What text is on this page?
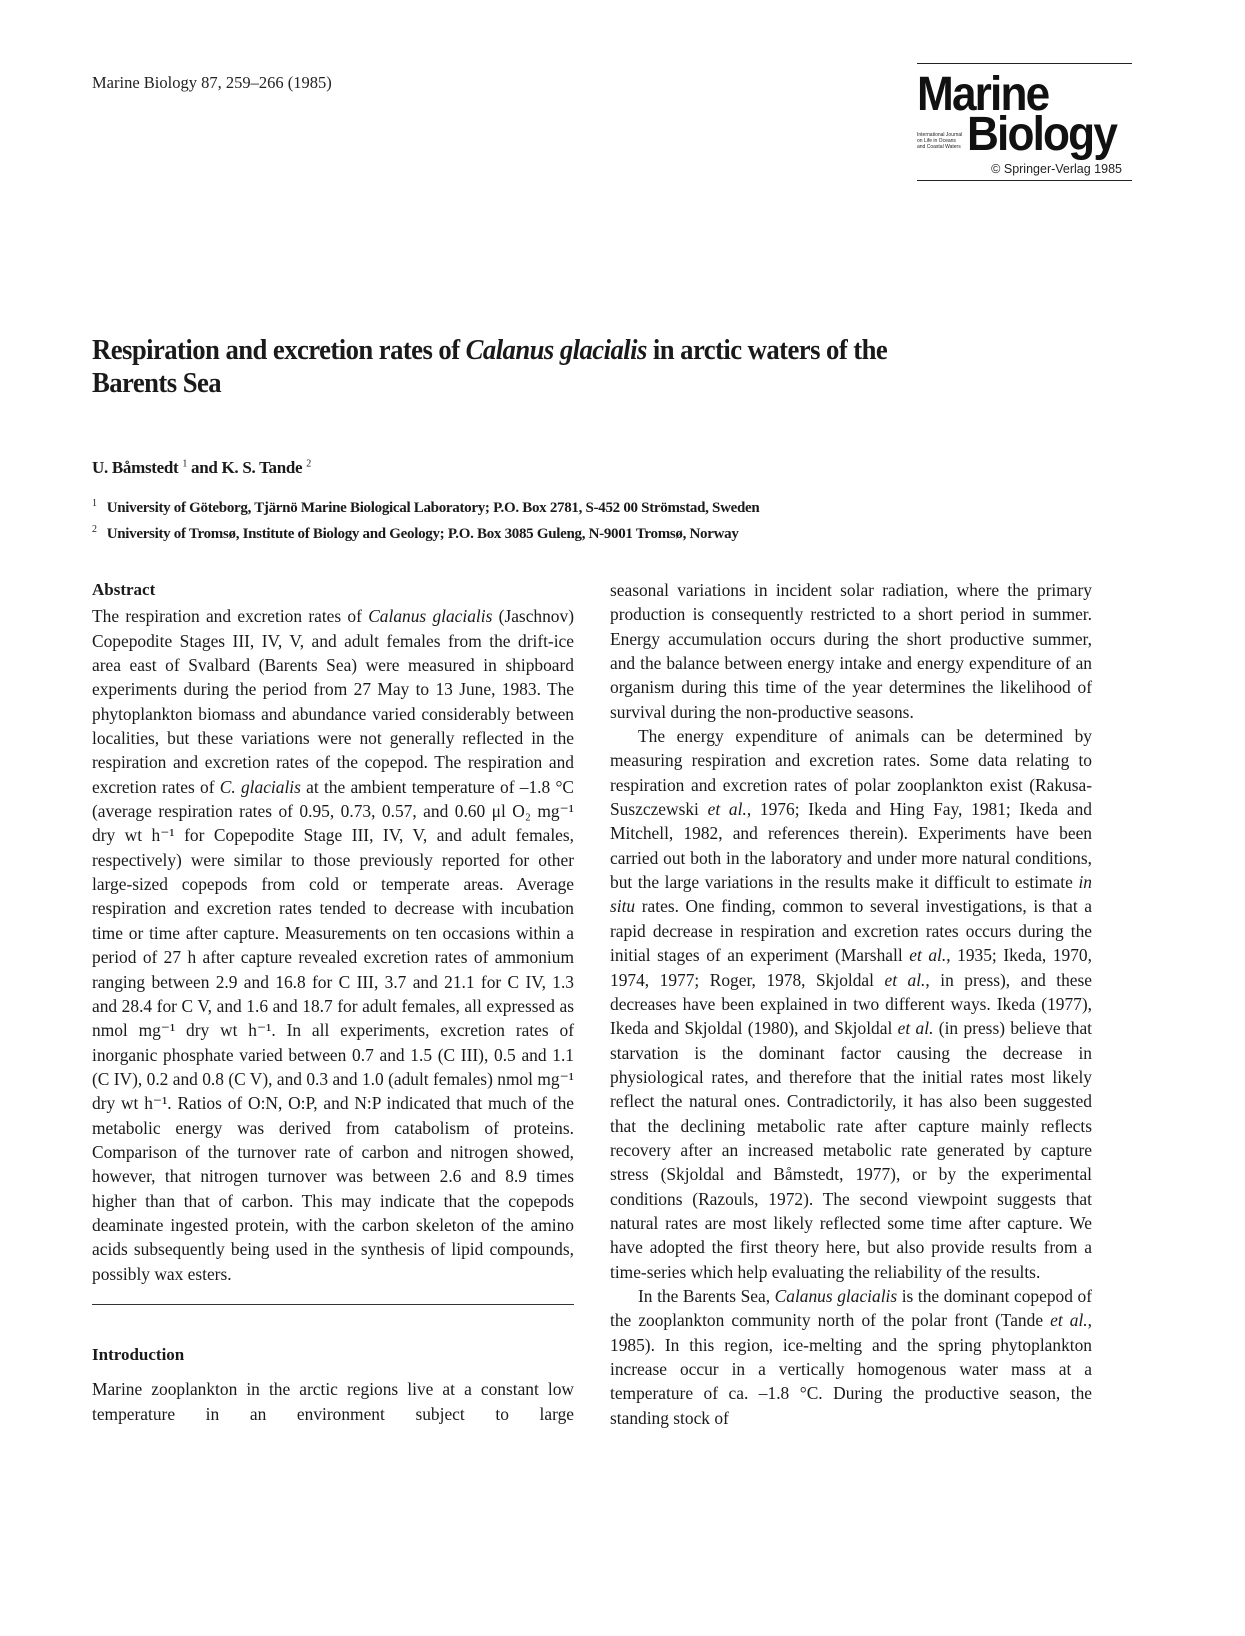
Marine Biology 87, 259–266 (1985)	Marine
International Journal
on Life in Oceans
and Coastal Waters Biology
© Springer-Verlag 1985
Respiration and excretion rates of Calanus glacialis in arctic waters of the Barents Sea
U. Båmstedt $^1$ and K. S. Tande $^2$
$^1$ University of Göteborg, Tjärnö Marine Biological Laboratory; P.O. Box 2781, S-452 00 Strömstad, Sweden
$^2$ University of Tromsø, Institute of Biology and Geology; P.O. Box 3085 Guleng, N-9001 Tromsø, Norway
Abstract

The respiration and excretion rates of Calanus glacialis (Jaschnov) Copepodite Stages III, IV, V, and adult females from the drift-ice area east of Svalbard (Barents Sea) were measured in shipboard experiments during the period from 27 May to 13 June, 1983. The phytoplankton biomass and abundance varied considerably between localities, but these variations were not generally reflected in the respiration and excretion rates of the copepod. The respiration and excretion rates of C. glacialis at the ambient temperature of –1.8 °C (average respiration rates of 0.95, 0.73, 0.57, and 0.60 μl O₂ mg⁻¹ dry wt h⁻¹ for Copepodite Stage III, IV, V, and adult females, respectively) were similar to those previously reported for other large-sized copepods from cold or temperate areas. Average respiration and excretion rates tended to decrease with incubation time or time after capture. Measurements on ten occasions within a period of 27 h after capture revealed excretion rates of ammonium ranging between 2.9 and 16.8 for C III, 3.7 and 21.1 for C IV, 1.3 and 28.4 for C V, and 1.6 and 18.7 for adult females, all expressed as nmol mg⁻¹ dry wt h⁻¹. In all experiments, excretion rates of inorganic phosphate varied between 0.7 and 1.5 (C III), 0.5 and 1.1 (C IV), 0.2 and 0.8 (C V), and 0.3 and 1.0 (adult females) nmol mg⁻¹ dry wt h⁻¹. Ratios of O:N, O:P, and N:P indicated that much of the metabolic energy was derived from catabolism of proteins. Comparison of the turnover rate of carbon and nitrogen showed, however, that nitrogen turnover was between 2.6 and 8.9 times higher than that of carbon. This may indicate that the copepods deaminate ingested protein, with the carbon skeleton of the amino acids subsequently being used in the synthesis of lipid compounds, possibly wax esters.

Introduction

Marine zooplankton in the arctic regions live at a constant low temperature in an environment subject to large

seasonal variations in incident solar radiation, where the primary production is consequently restricted to a short period in summer. Energy accumulation occurs during the short productive summer, and the balance between energy intake and energy expenditure of an organism during this time of the year determines the likelihood of survival during the non-productive seasons.

The energy expenditure of animals can be determined by measuring respiration and excretion rates. Some data relating to respiration and excretion rates of polar zooplankton exist (Rakusa-Suszczewski et al., 1976; Ikeda and Hing Fay, 1981; Ikeda and Mitchell, 1982, and references therein). Experiments have been carried out both in the laboratory and under more natural conditions, but the large variations in the results make it difficult to estimate in situ rates. One finding, common to several investigations, is that a rapid decrease in respiration and excretion rates occurs during the initial stages of an experiment (Marshall et al., 1935; Ikeda, 1970, 1974, 1977; Roger, 1978, Skjoldal et al., in press), and these decreases have been explained in two different ways. Ikeda (1977), Ikeda and Skjoldal (1980), and Skjoldal et al. (in press) believe that starvation is the dominant factor causing the decrease in physiological rates, and therefore that the initial rates most likely reflect the natural ones. Contradictorily, it has also been suggested that the declining metabolic rate after capture mainly reflects recovery after an increased metabolic rate generated by capture stress (Skjoldal and Båmstedt, 1977), or by the experimental conditions (Razouls, 1972). The second viewpoint suggests that natural rates are most likely reflected some time after capture. We have adopted the first theory here, but also provide results from a time-series which help evaluating the reliability of the results.

In the Barents Sea, Calanus glacialis is the dominant copepod of the zooplankton community north of the polar front (Tande et al., 1985). In this region, ice-melting and the spring phytoplankton increase occur in a vertically homogenous water mass at a temperature of ca. –1.8 °C. During the productive season, the standing stock of
